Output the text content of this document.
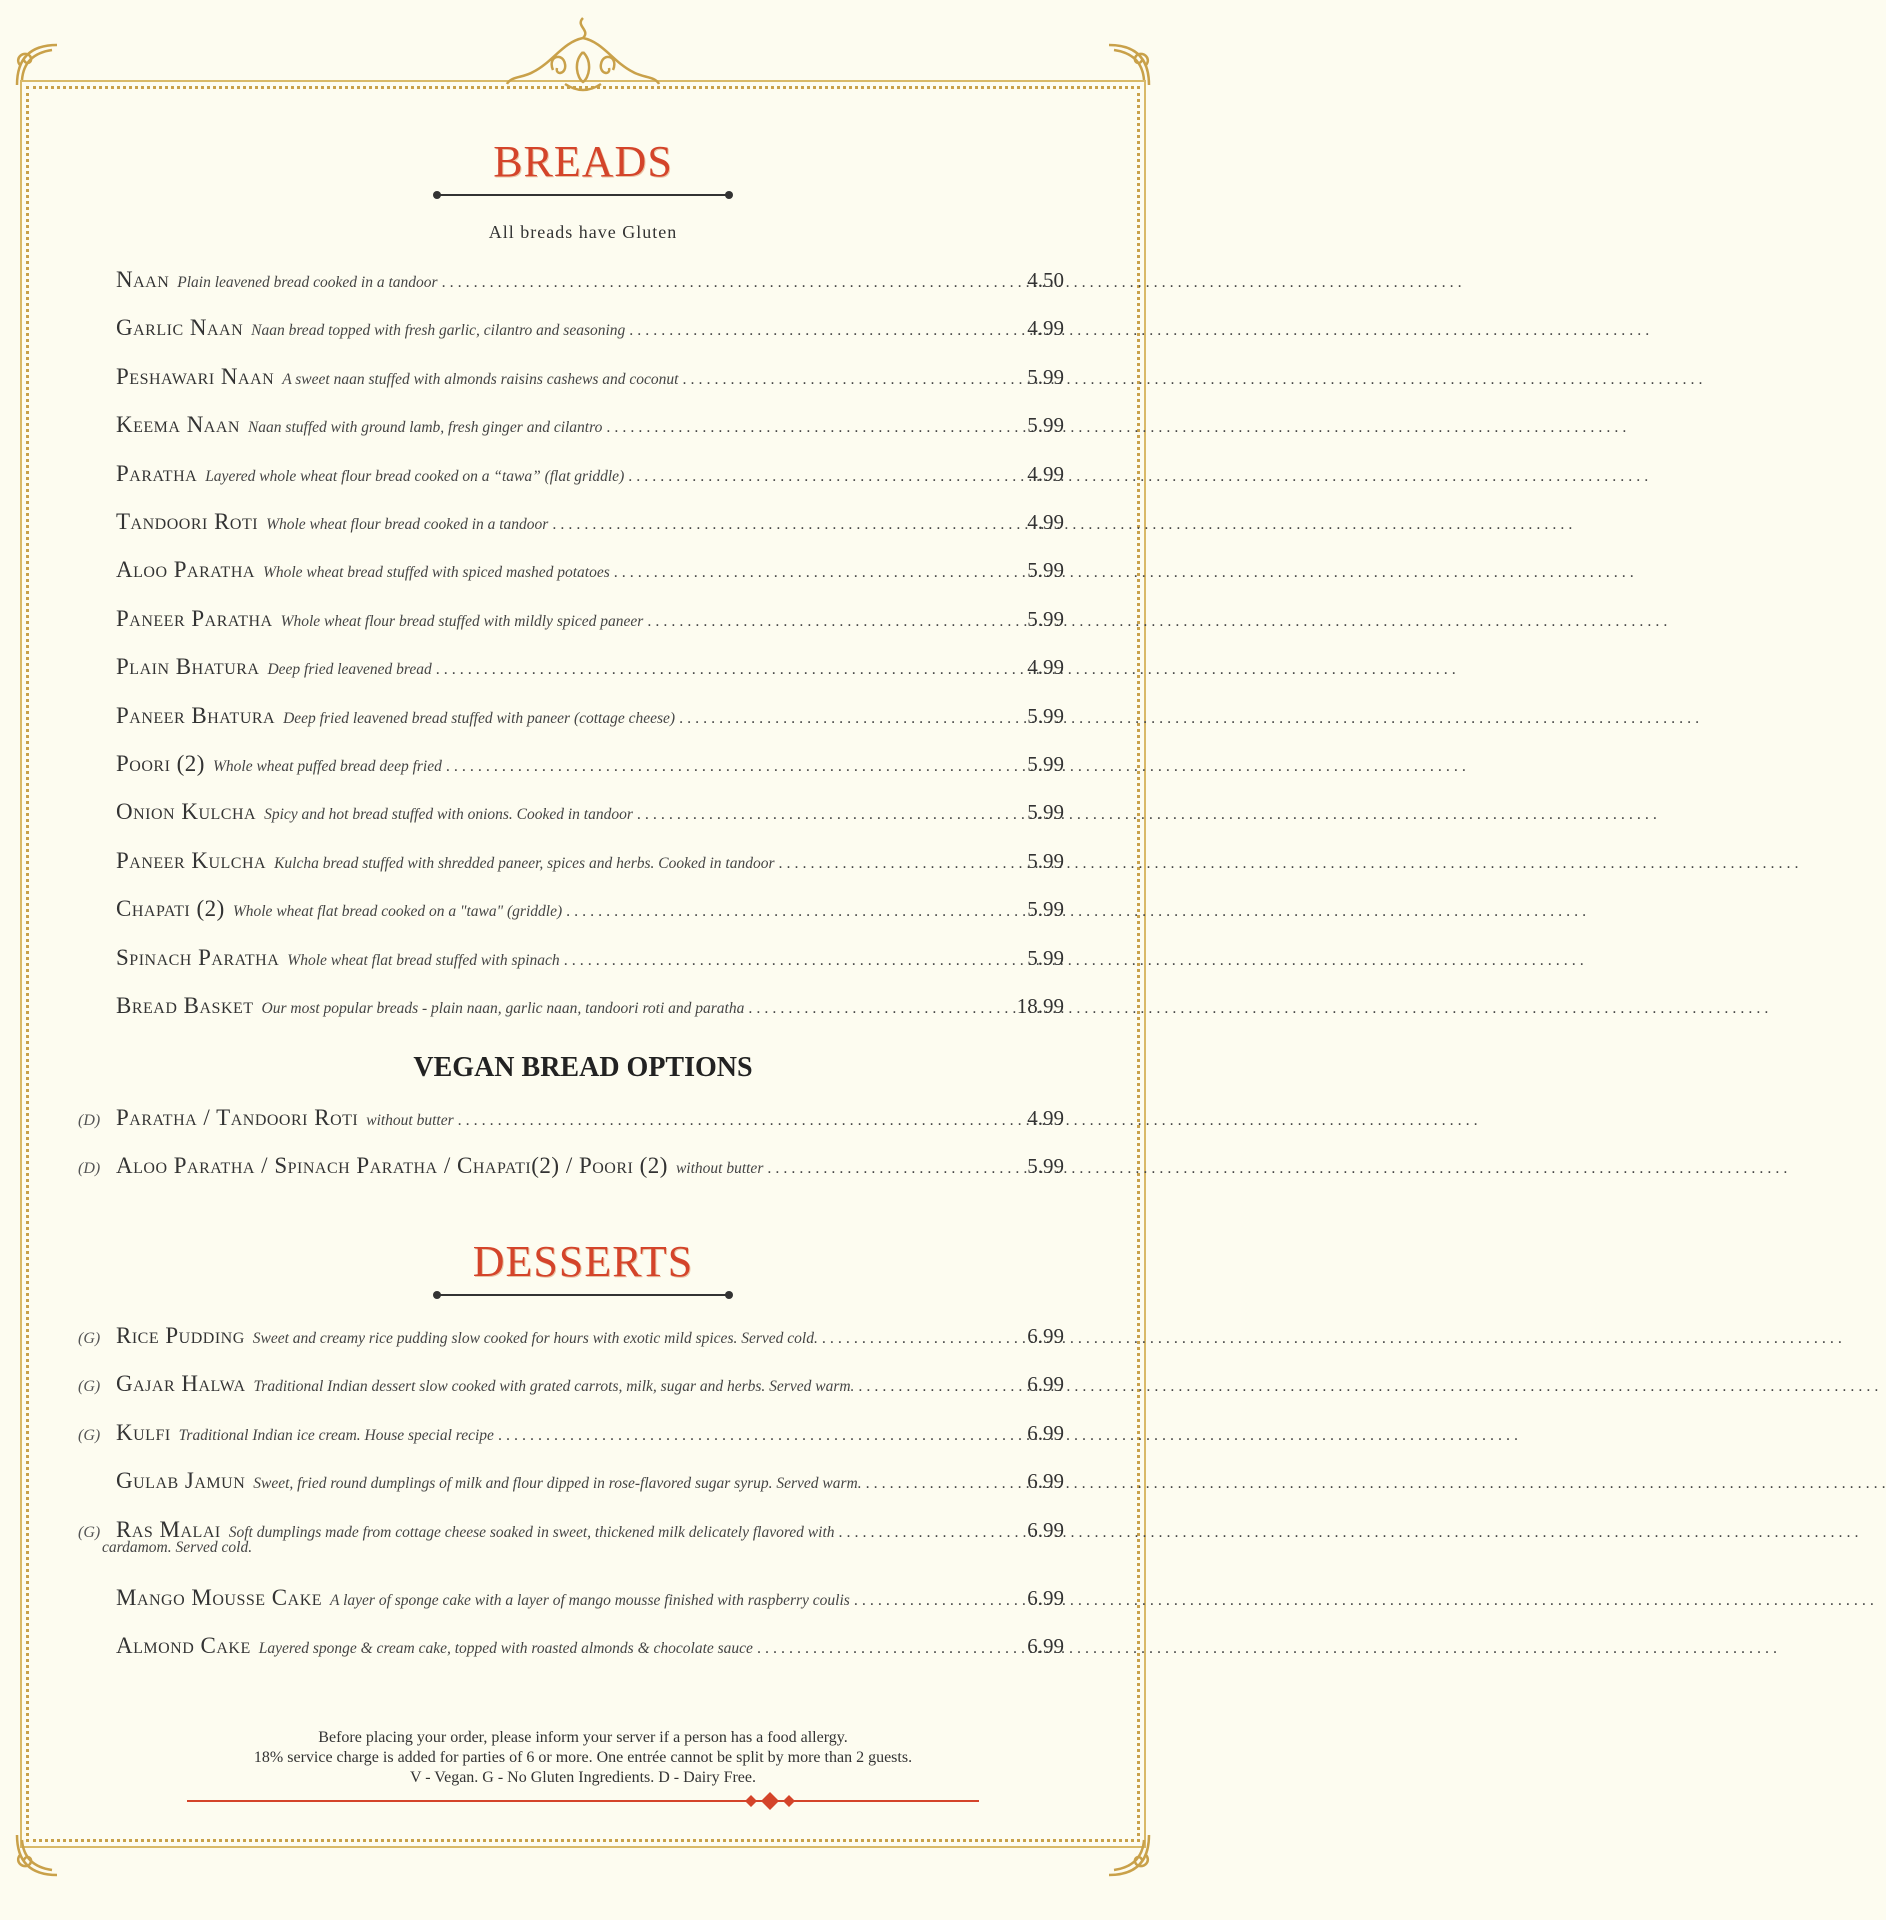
BREADS
All breads have Gluten
Naan Plain leavened bread cooked in a tandoor . . .	4.50
Garlic Naan Naan bread topped with fresh garlic, cilantro and seasoning . . .	4.99
Peshawari Naan A sweet naan stuffed with almonds raisins cashews and coconut . . .	5.99
Keema Naan Naan stuffed with ground lamb, fresh ginger and cilantro . . .	5.99
Paratha Layered whole wheat flour bread cooked on a “tawa” (flat griddle) . . .	4.99
Tandoori Roti Whole wheat flour bread cooked in a tandoor . . .	4.99
Aloo Paratha Whole wheat bread stuffed with spiced mashed potatoes . . .	5.99
Paneer Paratha Whole wheat flour bread stuffed with mildly spiced paneer . . .	5.99
Plain Bhatura Deep fried leavened bread . . .	4.99
Paneer Bhatura Deep fried leavened bread stuffed with paneer (cottage cheese) . . .	5.99
Poori (2) Whole wheat puffed bread deep fried . . .	5.99
Onion Kulcha Spicy and hot bread stuffed with onions. Cooked in tandoor . . .	5.99
Paneer Kulcha Kulcha bread stuffed with shredded paneer, spices and herbs. Cooked in tandoor . . .	5.99
Chapati (2) Whole wheat flat bread cooked on a "tawa" (griddle) . . .	5.99
Spinach Paratha Whole wheat flat bread stuffed with spinach . . .	5.99
Bread Basket Our most popular breads - plain naan, garlic naan, tandoori roti and paratha . . .	18.99
VEGAN BREAD OPTIONS
(D) Paratha / Tandoori Roti without butter . . .	4.99
(D) Aloo Paratha / Spinach Paratha / Chapati(2) / Poori (2) without butter . . .	5.99
DESSERTS
(G) Rice Pudding Sweet and creamy rice pudding slow cooked for hours with exotic mild spices. Served cold. . . .	6.99
(G) Gajar Halwa Traditional Indian dessert slow cooked with grated carrots, milk, sugar and herbs. Served warm. . . .	6.99
(G) Kulfi Traditional Indian ice cream. House special recipe . . .	6.99
Gulab Jamun Sweet, fried round dumplings of milk and flour dipped in rose-flavored sugar syrup. Served warm. . . .	6.99
(G) Ras Malai Soft dumplings made from cottage cheese soaked in sweet, thickened milk delicately flavored with . . .	6.99
cardamom. Served cold.
Mango Mousse Cake A layer of sponge cake with a layer of mango mousse finished with raspberry coulis . . .	6.99
Almond Cake Layered sponge & cream cake, topped with roasted almonds & chocolate sauce . . .	6.99
Before placing your order, please inform your server if a person has a food allergy.
18% service charge is added for parties of 6 or more. One entrée cannot be split by more than 2 guests.
V - Vegan. G - No Gluten Ingredients. D - Dairy Free.
